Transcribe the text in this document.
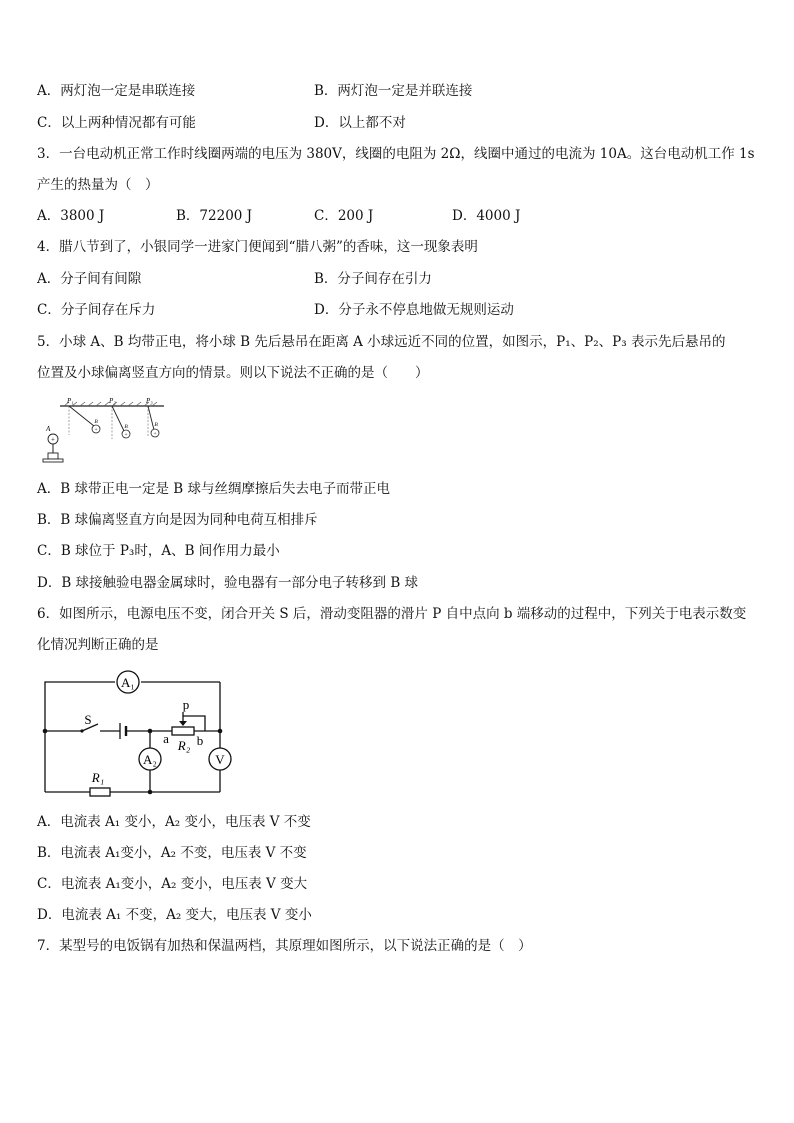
A．两灯泡一定是串联连接	B．两灯泡一定是并联连接
C．以上两种情况都有可能	D．以上都不对
3．一台电动机正常工作时线圈两端的电压为 380V，线圈的电阻为 2Ω，线圈中通过的电流为 10A。这台电动机工作 1s
产生的热量为（　）
A．3800 J	B．72200 J	C．200 J	D．4000 J
4．腊八节到了，小银同学一进家门便闻到“腊八粥”的香味，这一现象表明
A．分子间有间隙	B．分子间存在引力
C．分子间存在斥力	D．分子永不停息地做无规则运动
5．小球 A、B 均带正电，将小球 B 先后悬吊在距离 A 小球远近不同的位置，如图示，P₁、P₂、P₃ 表示先后悬吊的
位置及小球偏离竖直方向的情景。则以下说法不正确的是（　　）
P₁	P₂	P₃
+
+	+
B
B	B
A
+
A．B 球带正电一定是 B 球与丝绸摩擦后失去电子而带正电
B．B 球偏离竖直方向是因为同种电荷互相排斥
C．B 球位于 P₃时，A、B 间作用力最小
D．B 球接触验电器金属球时，验电器有一部分电子转移到 B 球
6．如图所示，电源电压不变，闭合开关 S 后，滑动变阻器的滑片 P 自中点向 b 端移动的过程中，下列关于电表示数变
化情况判断正确的是
A₁
A₂	V
S
p
a b
R₂
R₁
A．电流表 A₁ 变小，A₂ 变小，电压表 V 不变
B．电流表 A₁变小，A₂ 不变，电压表 V 不变
C．电流表 A₁变小，A₂ 变小，电压表 V 变大
D．电流表 A₁ 不变，A₂ 变大，电压表 V 变小
7．某型号的电饭锅有加热和保温两档，其原理如图所示，以下说法正确的是（　）
